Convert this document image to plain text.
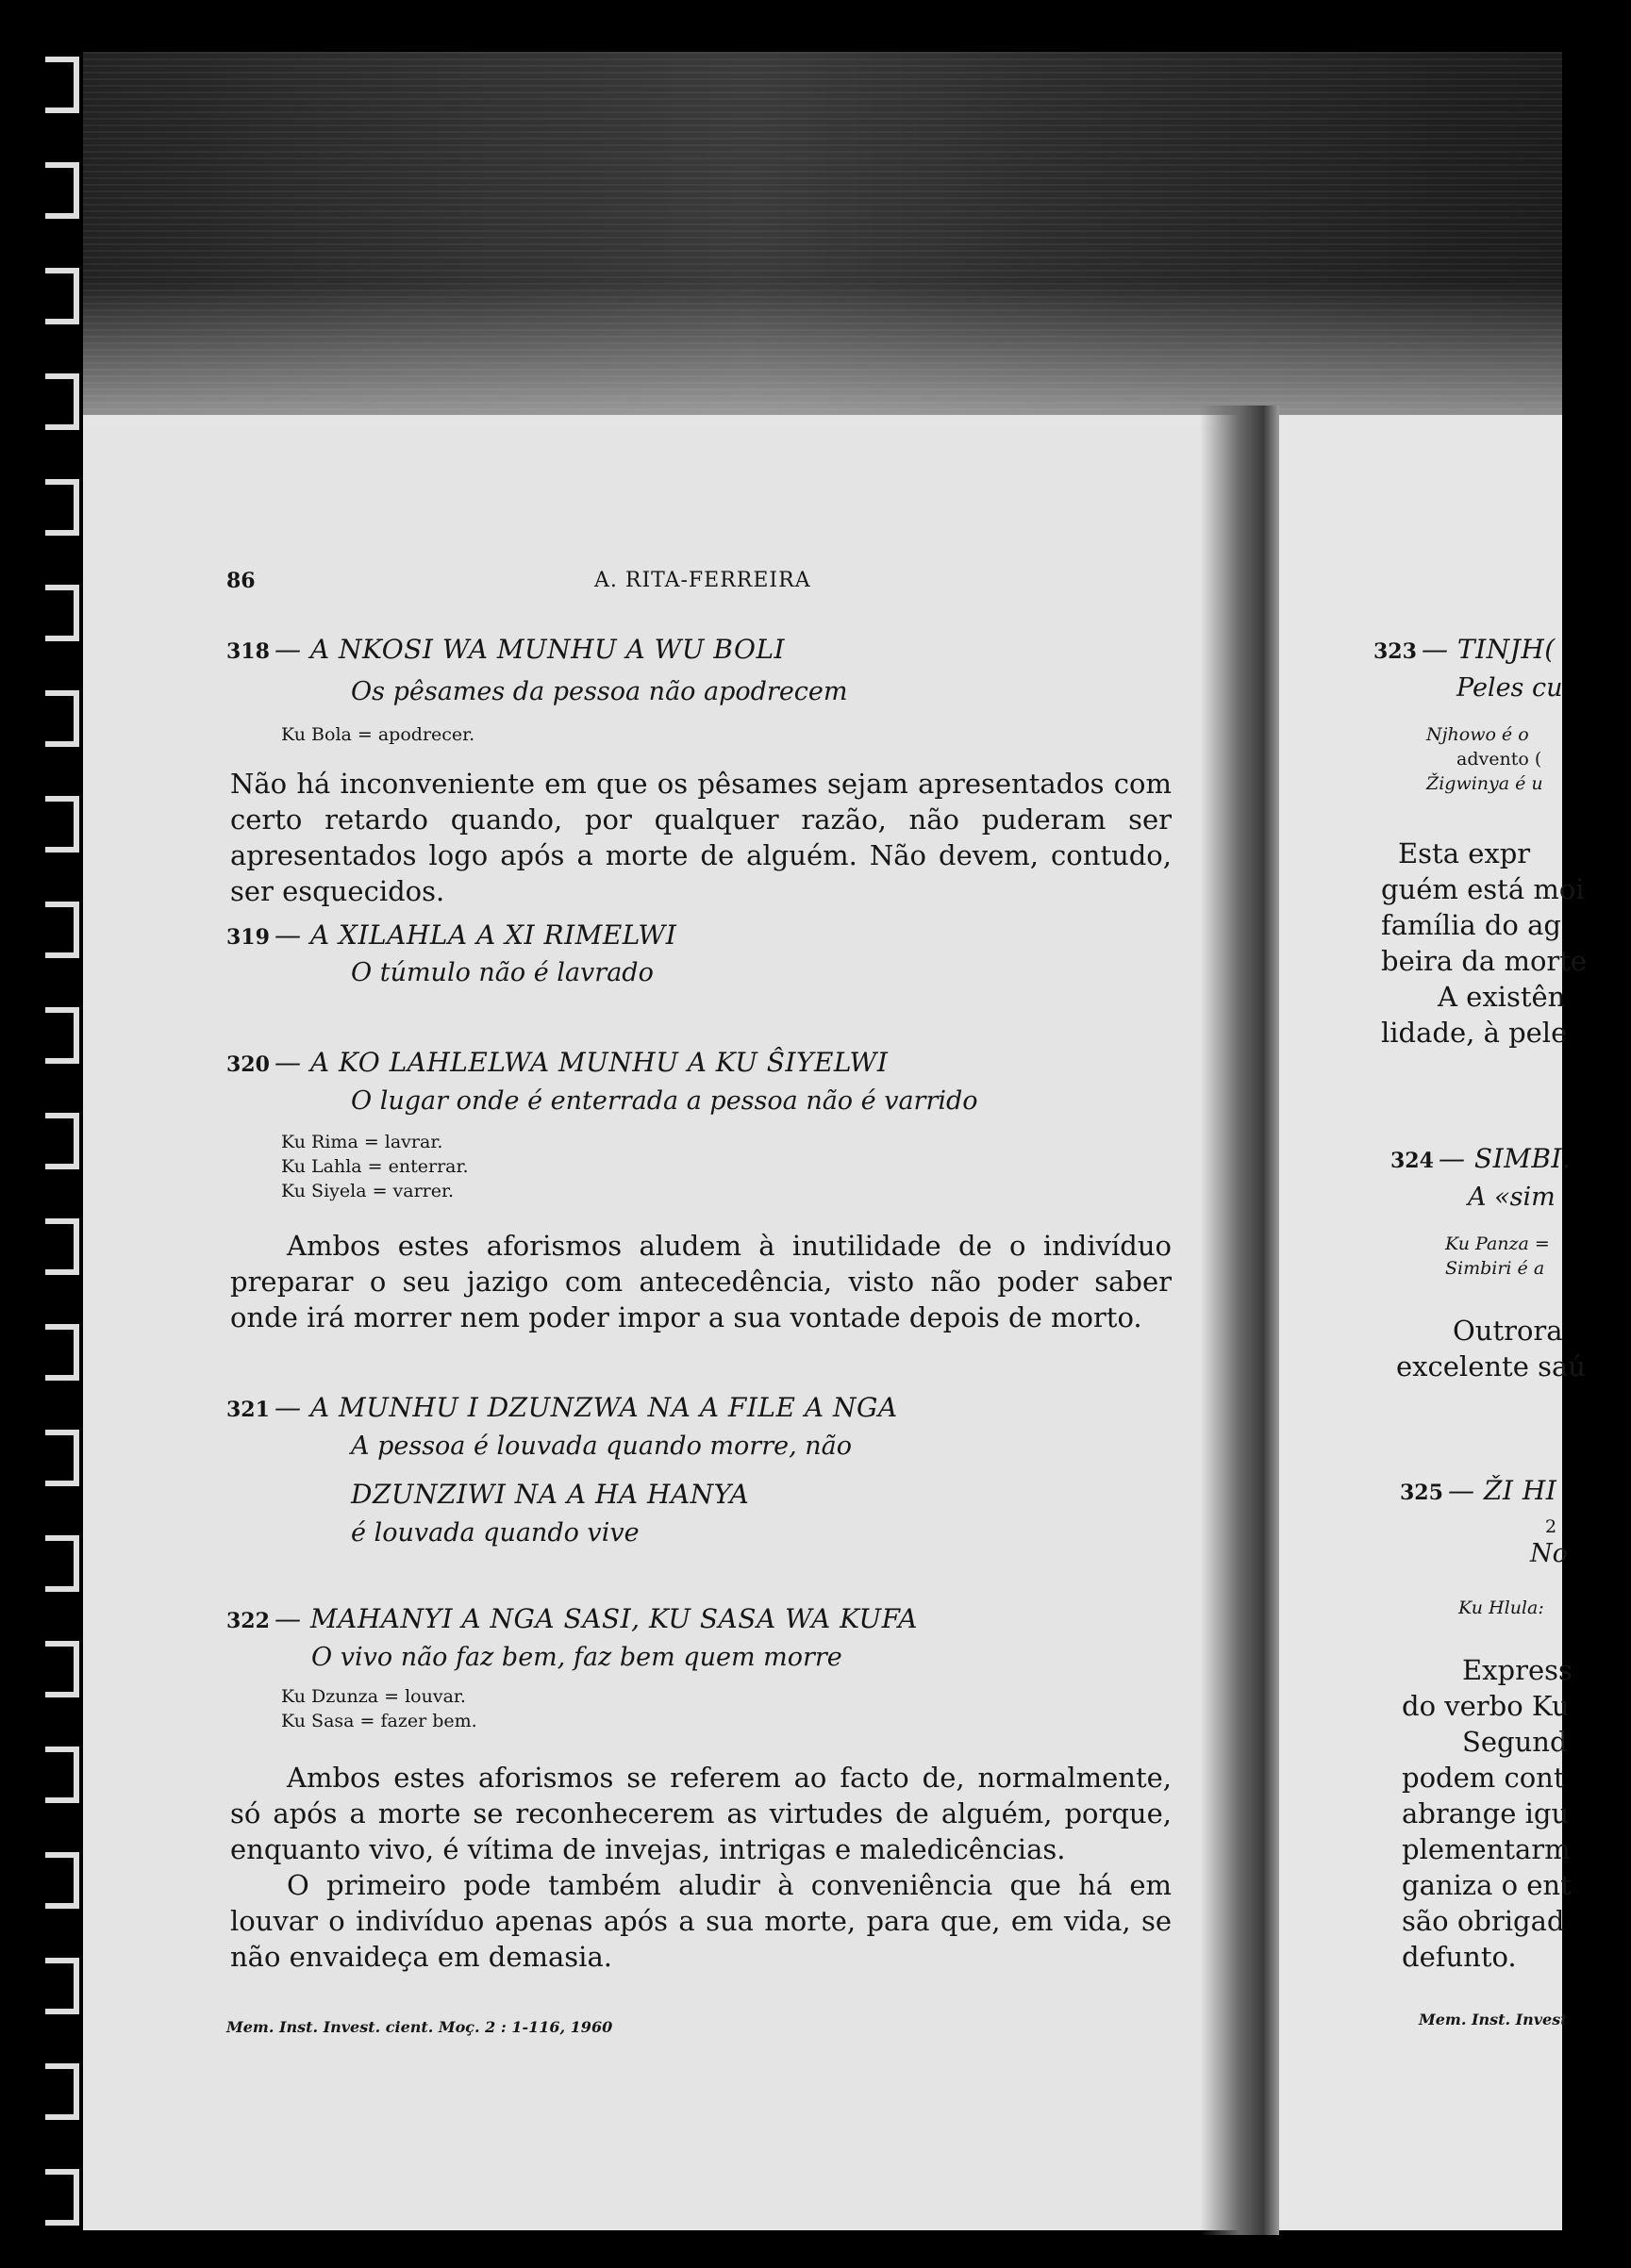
86	A. RITA-FERREIRA
318 — A NKOSI WA MUNHU A WU BOLI
Os pêsames da pessoa não apodrecem
Ku Bola = apodrecer.
Não há inconveniente em que os pêsames sejam apresentados com certo retardo quando, por qualquer razão, não puderam ser apresentados logo após a morte de alguém. Não devem, contudo, ser esquecidos.
319 — A XILAHLA A XI RIMELWI
O túmulo não é lavrado
320 — A KO LAHLELWA MUNHU A KU ŜIYELWI
O lugar onde é enterrada a pessoa não é varrido
Ku Rima = lavrar.
Ku Lahla = enterrar.
Ku Siyela = varrer.
Ambos estes aforismos aludem à inutilidade de o indivíduo preparar o seu jazigo com antecedência, visto não poder saber onde irá morrer nem poder impor a sua vontade depois de morto.
321 — A MUNHU I DZUNZWA NA A FILE A NGA
A pessoa é louvada quando morre, não
DZUNZIWI NA A HA HANYA
é louvada quando vive
322 — MAHANYI A NGA SASI, KU SASA WA KUFA
O vivo não faz bem, faz bem quem morre
Ku Dzunza = louvar.
Ku Sasa = fazer bem.
Ambos estes aforismos se referem ao facto de, normalmente, só após a morte se reconhecerem as virtudes de alguém, porque, enquanto vivo, é vítima de invejas, intrigas e maledicências.
O primeiro pode também aludir à conveniência que há em louvar o indivíduo apenas após a sua morte, para que, em vida, se não envaideça em demasia.
Mem. Inst. Invest. cient. Moç. 2 : 1-116, 1960
323 — TINJH(
Peles cu
Njhowo é o
advento (
Žigwinya é u
Esta expr
guém está moi
família do ag
beira da morte
A existên
lidade, à pele
324 — SIMBI.
A «sim
Ku Panza =
Simbiri é a
Outrora
excelente saú
325 — ŽI HI
2
No
Ku Hlula:
Express
do verbo Ku
Segund
podem cont
abrange igu
plementarm
ganiza o ent
são obrigad
defunto.
Mem. Inst. Invest
